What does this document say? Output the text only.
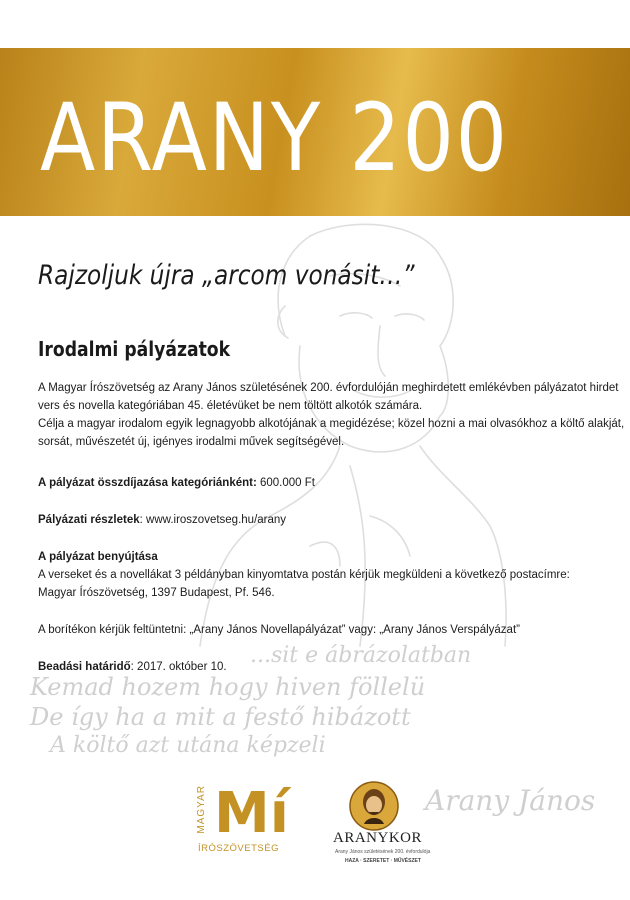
ARANY 200
A MAGYAR ÍRÓSZÖVETSÉG PÁLYÁZATAI
...sit e ábrázolatban
Kemad hozem hogy hiven föllelü
De így ha a mit a festő hibázott
A költő azt utána képzeli
Arany János
Rajzoljuk újra „arcom vonásit…”
Irodalmi pályázatok
A Magyar Írószövetség az Arany János születésének 200. évfordulóján meghirdetett emlékévben pályázatot hirdet
vers és novella kategóriában 45. életévüket be nem töltött alkotók számára.
Célja a magyar irodalom egyik legnagyobb alkotójának a megidézése; közel hozni a mai olvasókhoz a költő alakját,
sorsát, művészetét új, igényes irodalmi művek segítségével.
A pályázat összdíjazása kategóriánként: 600.000 Ft
Pályázati részletek: www.iroszovetseg.hu/arany
A pályázat benyújtása
A verseket és a novellákat 3 példányban kinyomtatva postán kérjük megküldeni a következő postacímre:
Magyar Írószövetség, 1397 Budapest, Pf. 546.
A borítékon kérjük feltüntetni: „Arany János Novellapályázat” vagy: „Arany János Verspályázat”
Beadási határidő: 2017. október 10.
MAGYAR Mí
ÍRÓSZÖVETSÉG
ARANYKOR
Arany János születésének 200. évfordulója
HAZA · SZERETET · MŰVÉSZET
